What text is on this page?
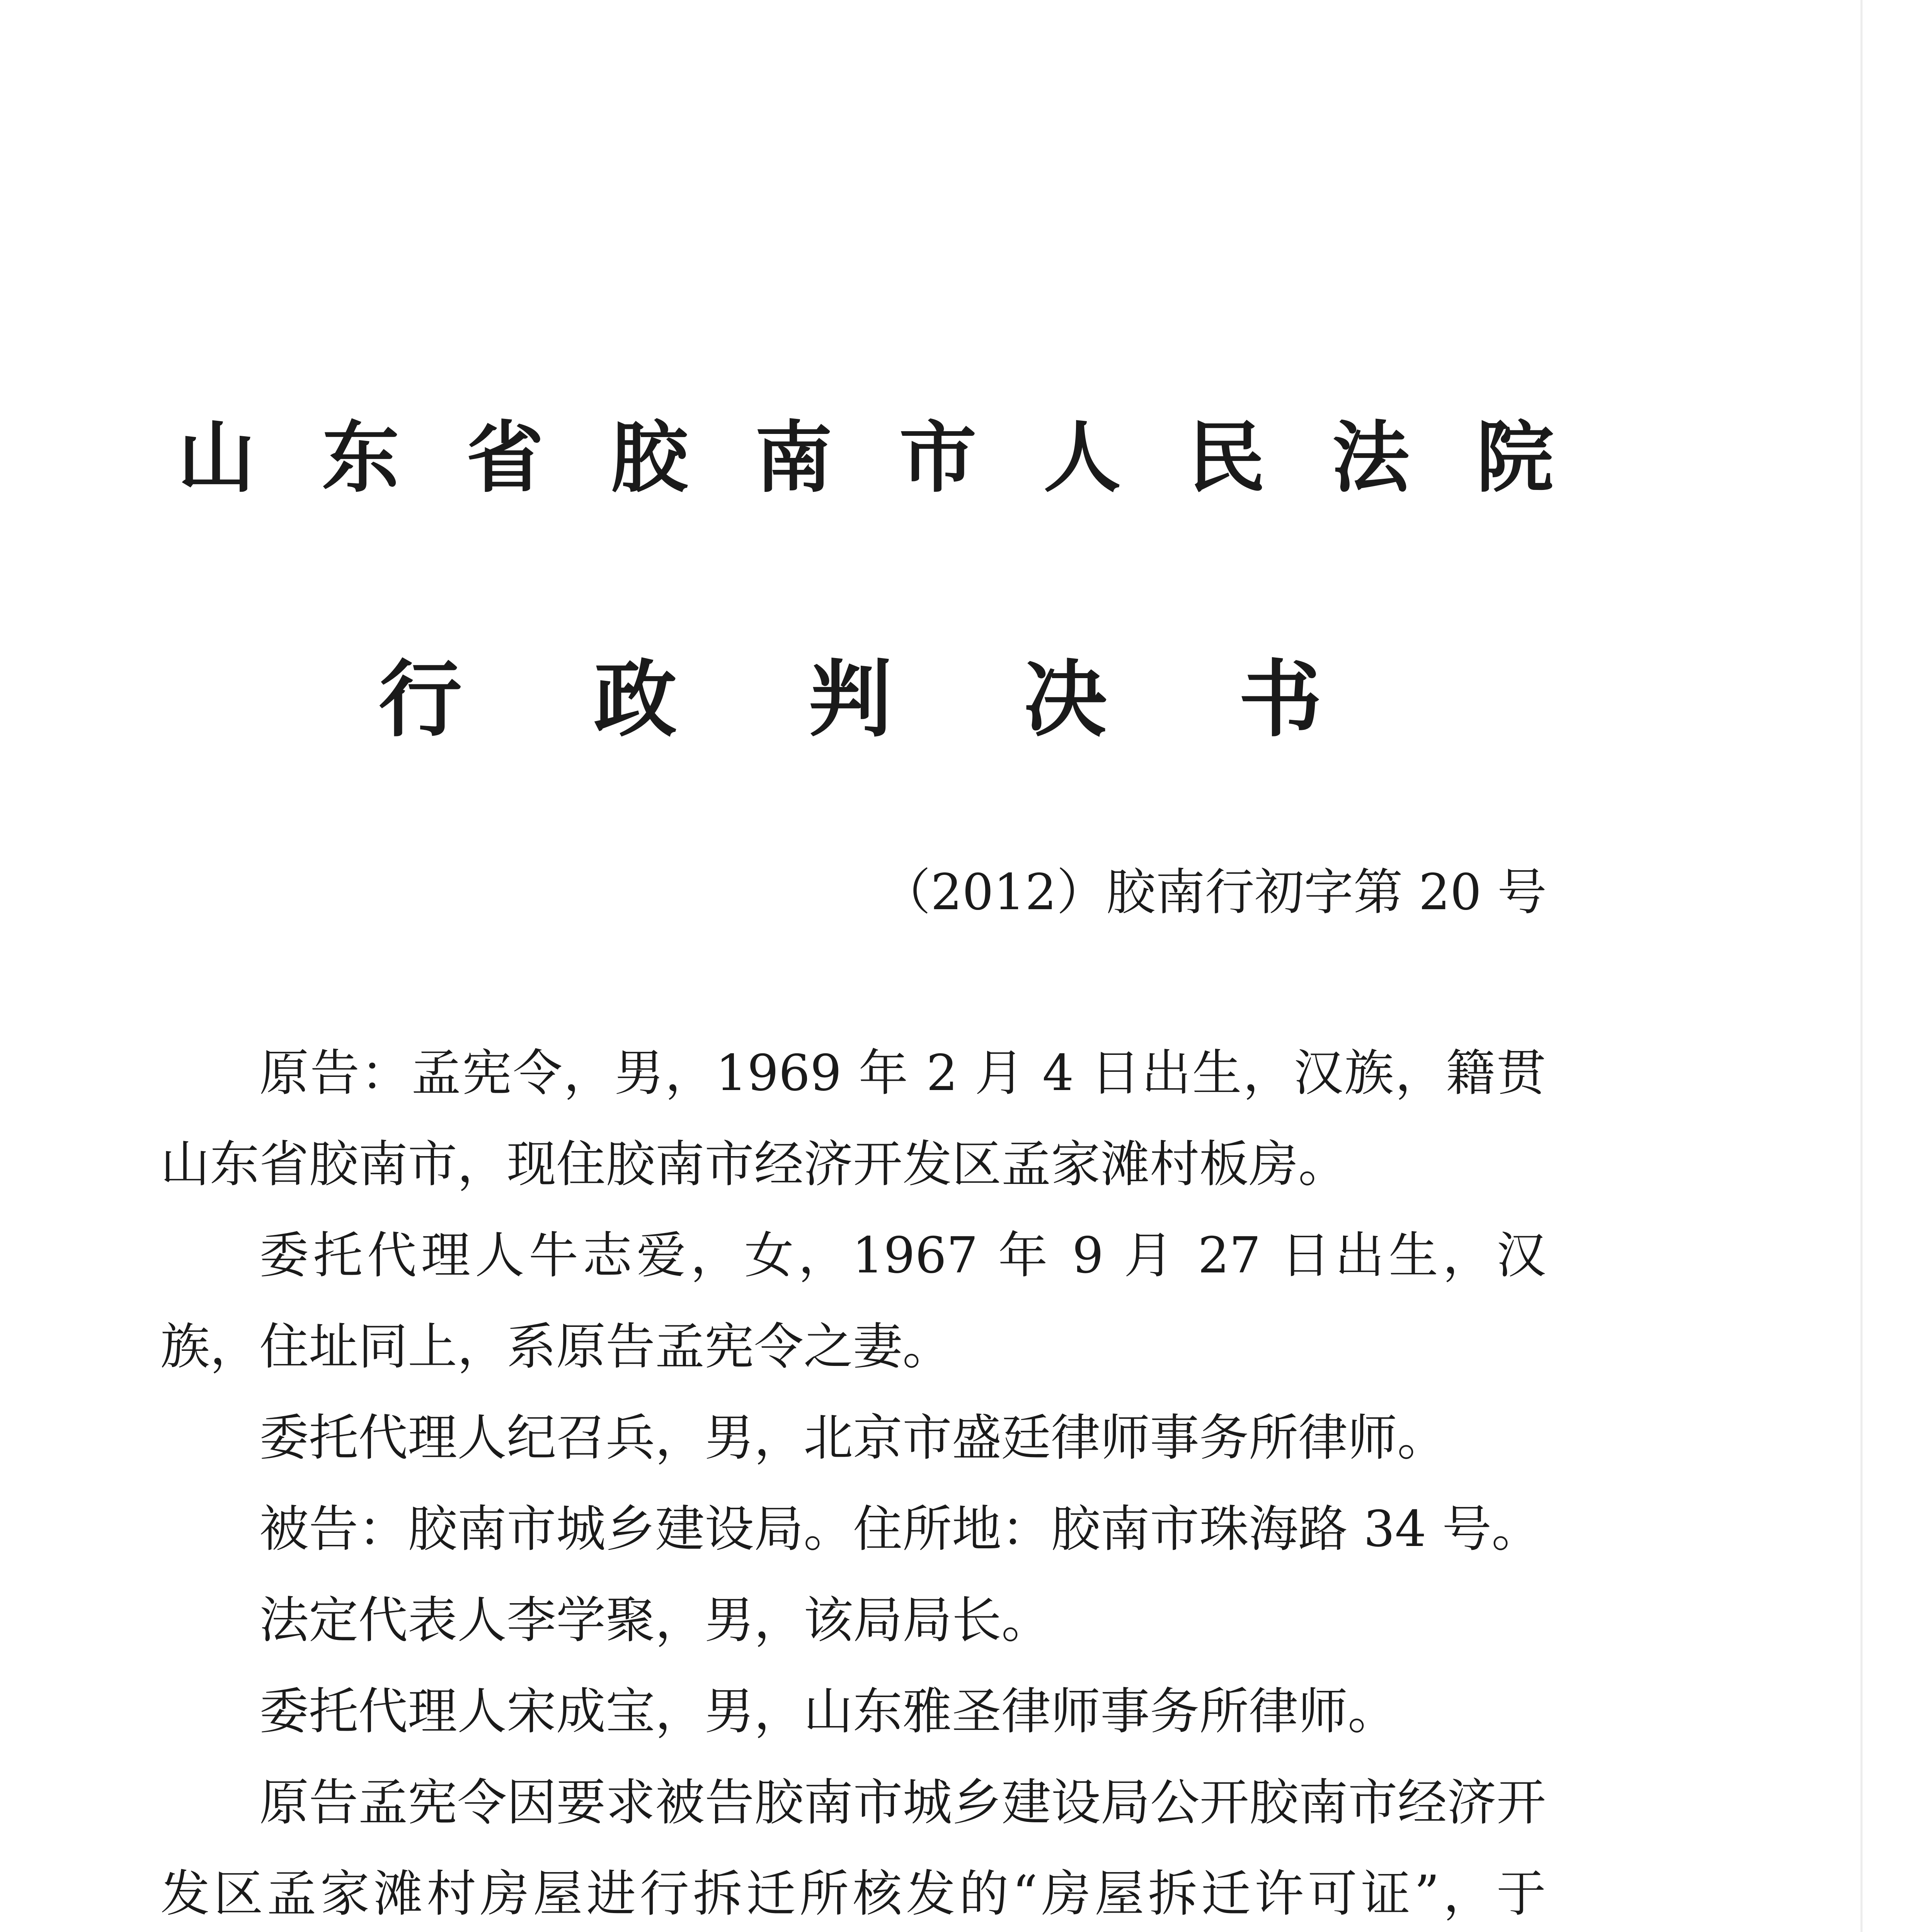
山 东 省 胶 南 市 人 民 法 院
行 政 判 决 书
（2012）胶南行初字第 20 号

原告：孟宪令，男，1969 年 2 月 4 日出生，汉族，籍贯山东省胶南市，现住胶南市经济开发区孟家滩村板房。

委托代理人牛志爱，女，1967 年 9 月 27 日出生，汉族，住址同上，系原告孟宪令之妻。

委托代理人纪召兵，男，北京市盛廷律师事务所律师。

被告：胶南市城乡建设局。住所地：胶南市珠海路 34 号。

法定代表人李学聚，男，该局局长。

委托代理人宋成宝，男，山东雅圣律师事务所律师。

原告孟宪令因要求被告胶南市城乡建设局公开胶南市经济开发区孟家滩村房屋进行拆迁所核发的“房屋拆迁许可证”，于
